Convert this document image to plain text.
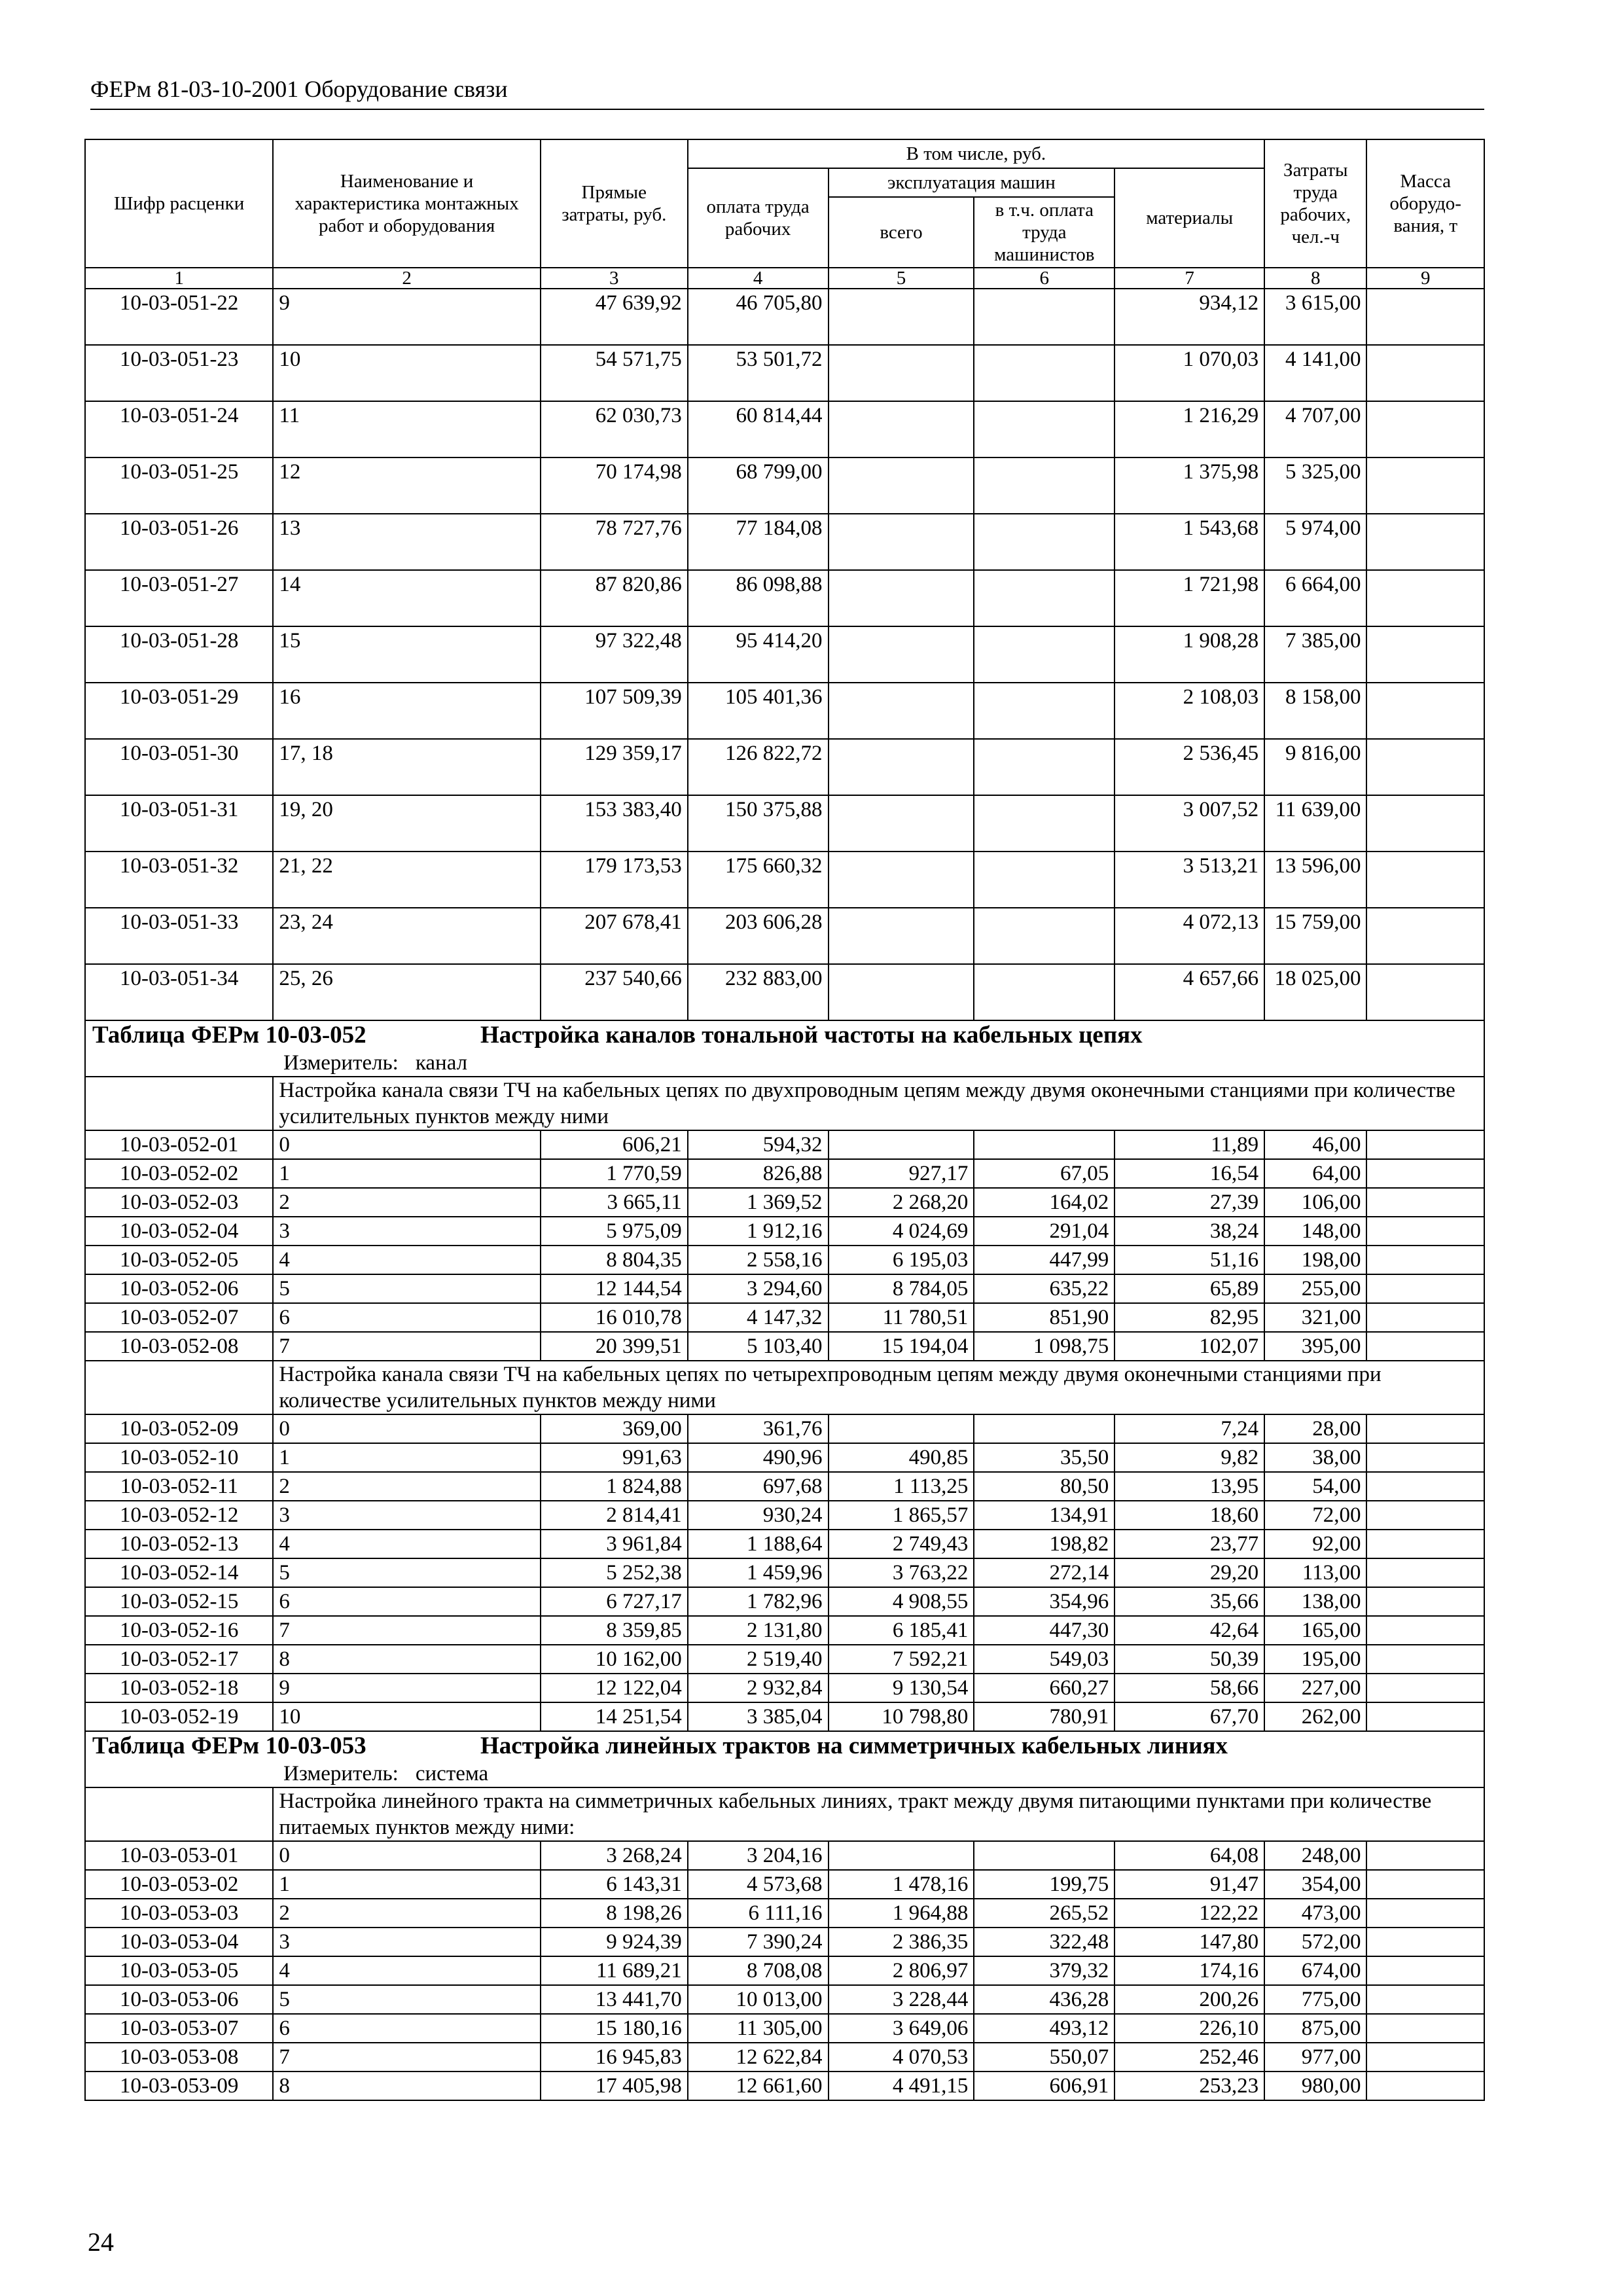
ФЕРм 81-03-10-2001 Оборудование связи
Шифр расценки	Наименование и характеристика монтажных работ и оборудования	Прямые затраты, руб.	В том числе, руб.				Затраты труда рабочих, чел.-ч	Масса оборудо-вания, т
			оплата труда рабочих	эксплуатация машин		материалы		
				всего	в т.ч. оплата труда машинистов			
1	2	3	4	5	6	7	8	9
10-03-051-22	9	47 639,92	46 705,80			934,12	3 615,00	
10-03-051-23	10	54 571,75	53 501,72			1 070,03	4 141,00	
10-03-051-24	11	62 030,73	60 814,44			1 216,29	4 707,00	
10-03-051-25	12	70 174,98	68 799,00			1 375,98	5 325,00	
10-03-051-26	13	78 727,76	77 184,08			1 543,68	5 974,00	
10-03-051-27	14	87 820,86	86 098,88			1 721,98	6 664,00	
10-03-051-28	15	97 322,48	95 414,20			1 908,28	7 385,00	
10-03-051-29	16	107 509,39	105 401,36			2 108,03	8 158,00	
10-03-051-30	17, 18	129 359,17	126 822,72			2 536,45	9 816,00	
10-03-051-31	19, 20	153 383,40	150 375,88			3 007,52	11 639,00	
10-03-051-32	21, 22	179 173,53	175 660,32			3 513,21	13 596,00	
10-03-051-33	23, 24	207 678,41	203 606,28			4 072,13	15 759,00	
10-03-051-34	25, 26	237 540,66	232 883,00			4 657,66	18 025,00	
Таблица ФЕРм 10-03-052 Настройка каналов тональной частоты на кабельных цепях
Измеритель: канал								

	Настройка канала связи ТЧ на кабельных цепях по двухпроводным цепям между двумя оконечными станциями при количестве усилительных пунктов между ними							
10-03-052-01	0	606,21	594,32			11,89	46,00	
10-03-052-02	1	1 770,59	826,88	927,17	67,05	16,54	64,00	
10-03-052-03	2	3 665,11	1 369,52	2 268,20	164,02	27,39	106,00	
10-03-052-04	3	5 975,09	1 912,16	4 024,69	291,04	38,24	148,00	
10-03-052-05	4	8 804,35	2 558,16	6 195,03	447,99	51,16	198,00	
10-03-052-06	5	12 144,54	3 294,60	8 784,05	635,22	65,89	255,00	
10-03-052-07	6	16 010,78	4 147,32	11 780,51	851,90	82,95	321,00	
10-03-052-08	7	20 399,51	5 103,40	15 194,04	1 098,75	102,07	395,00	
	Настройка канала связи ТЧ на кабельных цепях по четырехпроводным цепям между двумя оконечными станциями при количестве усилительных пунктов между ними							
10-03-052-09	0	369,00	361,76			7,24	28,00	
10-03-052-10	1	991,63	490,96	490,85	35,50	9,82	38,00	
10-03-052-11	2	1 824,88	697,68	1 113,25	80,50	13,95	54,00	
10-03-052-12	3	2 814,41	930,24	1 865,57	134,91	18,60	72,00	
10-03-052-13	4	3 961,84	1 188,64	2 749,43	198,82	23,77	92,00	
10-03-052-14	5	5 252,38	1 459,96	3 763,22	272,14	29,20	113,00	
10-03-052-15	6	6 727,17	1 782,96	4 908,55	354,96	35,66	138,00	
10-03-052-16	7	8 359,85	2 131,80	6 185,41	447,30	42,64	165,00	
10-03-052-17	8	10 162,00	2 519,40	7 592,21	549,03	50,39	195,00	
10-03-052-18	9	12 122,04	2 932,84	9 130,54	660,27	58,66	227,00	
10-03-052-19	10	14 251,54	3 385,04	10 798,80	780,91	67,70	262,00	
Таблица ФЕРм 10-03-053 Настройка линейных трактов на симметричных кабельных линиях
Измеритель: система								

	Настройка линейного тракта на симметричных кабельных линиях, тракт между двумя питающими пунктами при количестве питаемых пунктов между ними:							
10-03-053-01	0	3 268,24	3 204,16			64,08	248,00	
10-03-053-02	1	6 143,31	4 573,68	1 478,16	199,75	91,47	354,00	
10-03-053-03	2	8 198,26	6 111,16	1 964,88	265,52	122,22	473,00	
10-03-053-04	3	9 924,39	7 390,24	2 386,35	322,48	147,80	572,00	
10-03-053-05	4	11 689,21	8 708,08	2 806,97	379,32	174,16	674,00	
10-03-053-06	5	13 441,70	10 013,00	3 228,44	436,28	200,26	775,00	
10-03-053-07	6	15 180,16	11 305,00	3 649,06	493,12	226,10	875,00	
10-03-053-08	7	16 945,83	12 622,84	4 070,53	550,07	252,46	977,00	
10-03-053-09	8	17 405,98	12 661,60	4 491,15	606,91	253,23	980,00	
24
